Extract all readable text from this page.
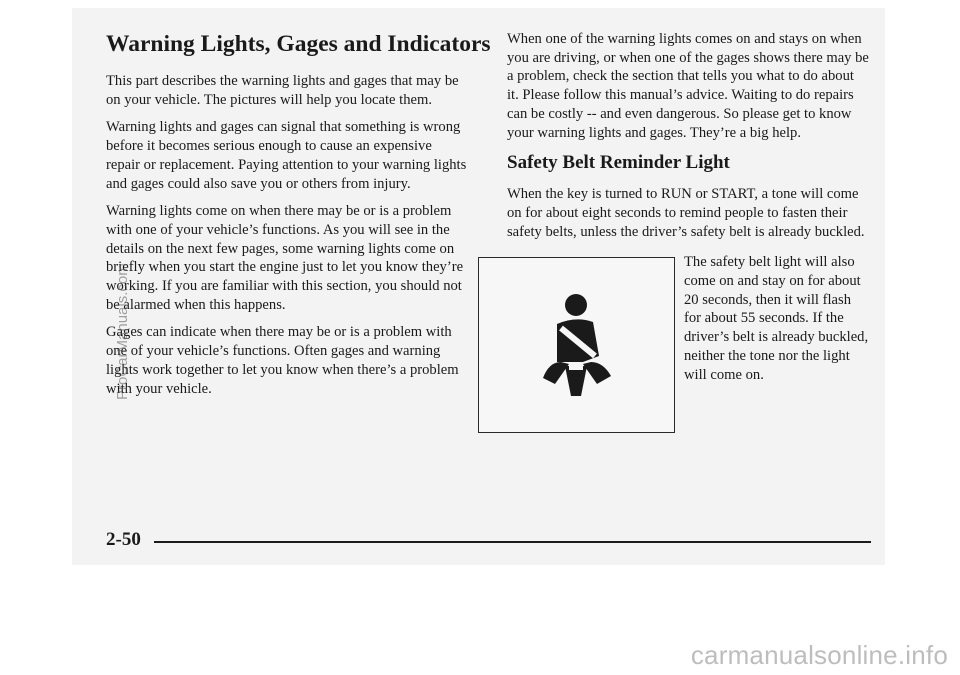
Warning Lights, Gages and Indicators

This part describes the warning lights and gages that may be on your vehicle. The pictures will help you locate them.

Warning lights and gages can signal that something is wrong before it becomes serious enough to cause an expensive repair or replacement. Paying attention to your warning lights and gages could also save you or others from injury.

Warning lights come on when there may be or is a problem with one of your vehicle’s functions. As you will see in the details on the next few pages, some warning lights come on briefly when you start the engine just to let you know they’re working. If you are familiar with this section, you should not be alarmed when this happens.

Gages can indicate when there may be or is a problem with one of your vehicle’s functions. Often gages and warning lights work together to let you know when there’s a problem with your vehicle.

When one of the warning lights comes on and stays on when you are driving, or when one of the gages shows there may be a problem, check the section that tells you what to do about it. Please follow this manual’s advice. Waiting to do repairs can be costly -- and even dangerous. So please get to know your warning lights and gages. They’re a big help.

Safety Belt Reminder Light

When the key is turned to RUN or START, a tone will come on for about eight seconds to remind people to fasten their safety belts, unless the driver’s safety belt is already buckled.

The safety belt light will also come on and stay on for about 20 seconds, then it will flash for about 55 seconds. If the driver’s belt is already buckled, neither the tone nor the light will come on.

2-50
ProCarManuals.com
carmanualsonline.info
